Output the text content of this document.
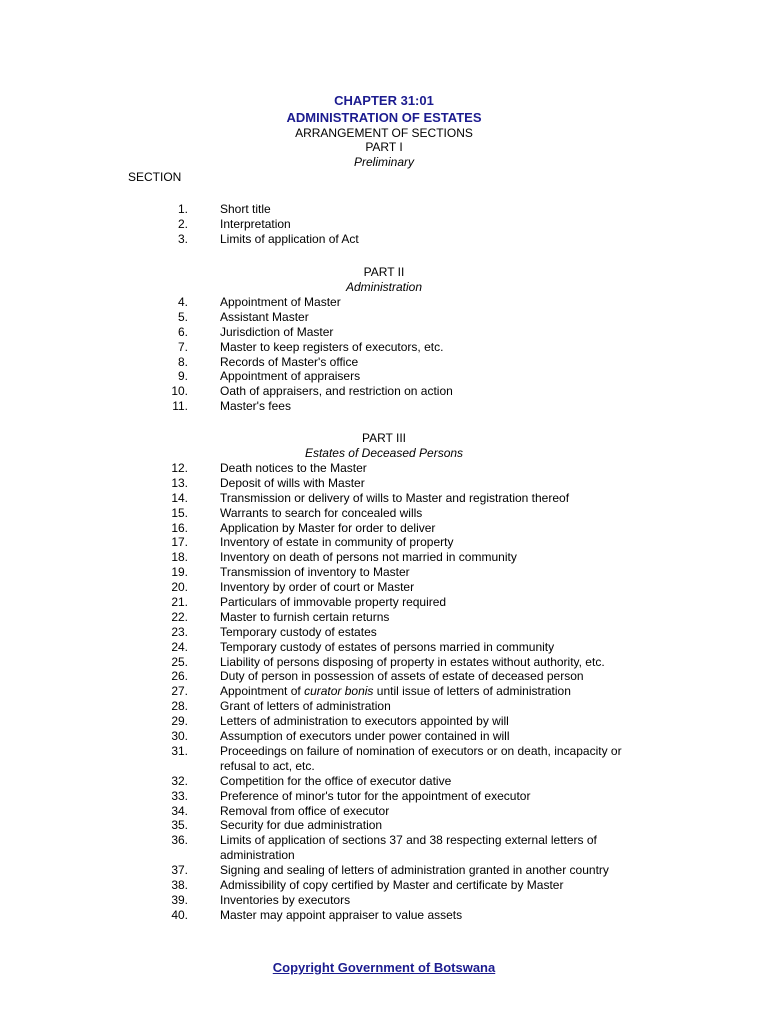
CHAPTER 31:01
ADMINISTRATION OF ESTATES
ARRANGEMENT OF SECTIONS
PART I
Preliminary
SECTION
1.	Short title
2.	Interpretation
3.	Limits of application of Act
PART II
Administration
4.	Appointment of Master
5.	Assistant Master
6.	Jurisdiction of Master
7.	Master to keep registers of executors, etc.
8.	Records of Master's office
9.	Appointment of appraisers
10.	Oath of appraisers, and restriction on action
11.	Master's fees
PART III
Estates of Deceased Persons
12.	Death notices to the Master
13.	Deposit of wills with Master
14.	Transmission or delivery of wills to Master and registration thereof
15.	Warrants to search for concealed wills
16.	Application by Master for order to deliver
17.	Inventory of estate in community of property
18.	Inventory on death of persons not married in community
19.	Transmission of inventory to Master
20.	Inventory by order of court or Master
21.	Particulars of immovable property required
22.	Master to furnish certain returns
23.	Temporary custody of estates
24.	Temporary custody of estates of persons married in community
25.	Liability of persons disposing of property in estates without authority, etc.
26.	Duty of person in possession of assets of estate of deceased person
27.	Appointment of curator bonis until issue of letters of administration
28.	Grant of letters of administration
29.	Letters of administration to executors appointed by will
30.	Assumption of executors under power contained in will
31.	Proceedings on failure of nomination of executors or on death, incapacity or refusal to act, etc.
32.	Competition for the office of executor dative
33.	Preference of minor's tutor for the appointment of executor
34.	Removal from office of executor
35.	Security for due administration
36.	Limits of application of sections 37 and 38 respecting external letters of administration
37.	Signing and sealing of letters of administration granted in another country
38.	Admissibility of copy certified by Master and certificate by Master
39.	Inventories by executors
40.	Master may appoint appraiser to value assets
Copyright Government of Botswana
